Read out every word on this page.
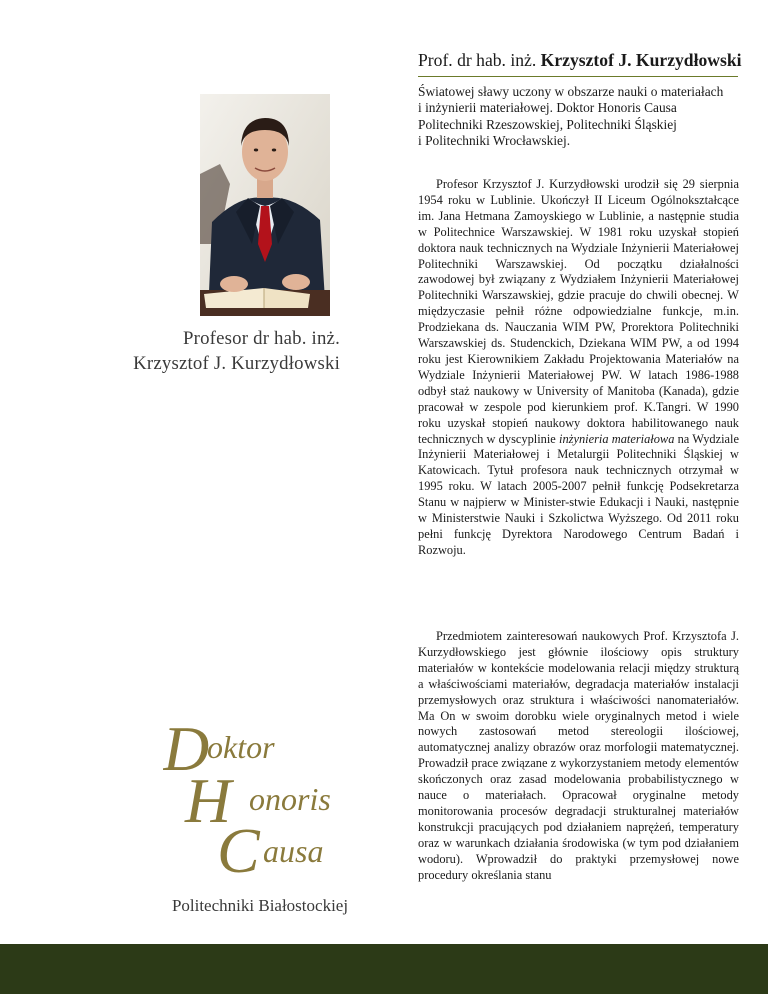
Prof. dr hab. inż. Krzysztof J. Kurzydłowski
Światowej sławy uczony w obszarze nauki o materiałach
i inżynierii materiałowej. Doktor Honoris Causa
Politechniki Rzeszowskiej, Politechniki Śląskiej
i Politechniki Wrocławskiej.
Profesor dr hab. inż.
Krzysztof J. Kurzydłowski
D
oktor
H onoris
C ausa
Politechniki Białostockiej

Profesor Krzysztof J. Kurzydłowski urodził się 29 sierpnia 1954 roku w Lublinie. Ukończył II Liceum Ogólnokształcące im. Jana Hetmana Zamoyskiego w Lublinie, a następnie studia w Politechnice Warszawskiej. W 1981 roku uzyskał stopień doktora nauk technicznych na Wydziale Inżynierii Materiałowej Politechniki Warszawskiej. Od początku działalności zawodowej był związany z Wydziałem Inżynierii Materiałowej Politechniki Warszawskiej, gdzie pracuje do chwili obecnej. W międzyczasie pełnił różne odpowiedzialne funkcje, m.in. Prodziekana ds. Nauczania WIM PW, Prorektora Politechniki Warszawskiej ds. Studenckich, Dziekana WIM PW, a od 1994 roku jest Kierownikiem Zakładu Projektowania Materiałów na Wydziale Inżynierii Materiałowej PW. W latach 1986-1988 odbył staż naukowy w University of Manitoba (Kanada), gdzie pracował w zespole pod kierunkiem prof. K.Tangri. W 1990 roku uzyskał stopień naukowy doktora habilitowanego nauk technicznych w dyscyplinie inżynieria materiałowa na Wydziale Inżynierii Materiałowej i Metalurgii Politechniki Śląskiej w Katowicach. Tytuł profesora nauk technicznych otrzymał w 1995 roku. W latach 2005-2007 pełnił funkcję Podsekretarza Stanu w najpierw w Minister-stwie Edukacji i Nauki, następnie w Ministerstwie Nauki i Szkolictwa Wyższego. Od 2011 roku pełni funkcję Dyrektora Narodowego Centrum Badań i Rozwoju.

Przedmiotem zainteresowań naukowych Prof. Krzysztofa J. Kurzydłowskiego jest głównie ilościowy opis struktury materiałów w kontekście modelowania relacji między strukturą a właściwościami materiałów, degradacja materiałów instalacji przemysłowych oraz struktura i właściwości nanomateriałów. Ma On w swoim dorobku wiele oryginalnych metod i wiele nowych zastosowań metod stereologii ilościowej, automatycznej analizy obrazów oraz morfologii matematycznej. Prowadził prace związane z wykorzystaniem metody elementów skończonych oraz zasad modelowania probabilistycznego w nauce o materiałach. Opracował oryginalne metody monitorowania procesów degradacji strukturalnej materiałów konstrukcji pracujących pod działaniem naprężeń, temperatury oraz w warunkach działania środowiska (w tym pod działaniem wodoru). Wprowadził do praktyki przemysłowej nowe procedury określania stanu
